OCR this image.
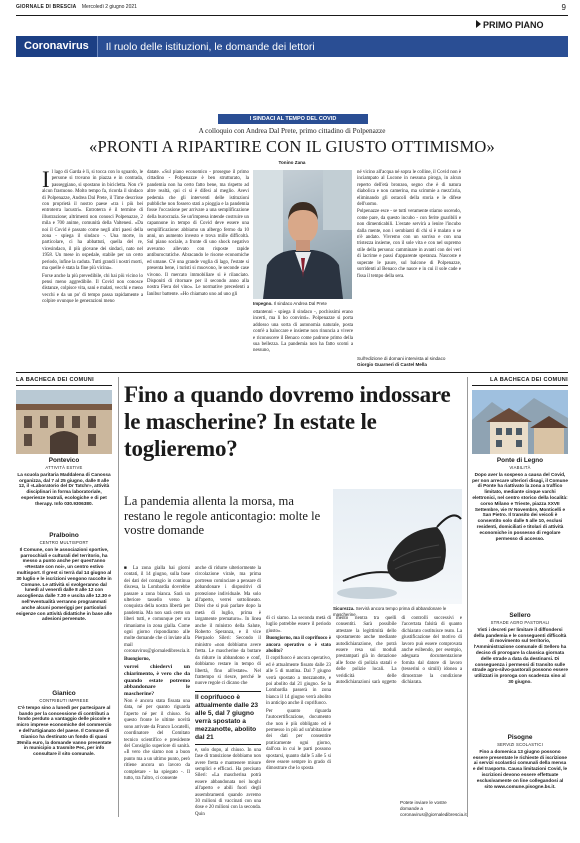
GIORNALE DI BRESCIA Mercoledì 2 giugno 2021	9
PRIMO PIANO
Coronavirus	Il ruolo delle istituzioni, le domande dei lettori
I SINDACI AL TEMPO DEL COVID
A colloquio con Andrea Dal Prete, primo cittadino di Polpenazze
«PRONTI A RIPARTIRE CON IL GIUSTO OTTIMISMO»
Tonino Zana
I l lago di Garda è lì, si tocca con lo sguardo, le persone si trovano in piazza e in contrada, passeggiano, si spostano in bicicletta. Non c'è alcun frastuono. Molto tempo fa, ricorda il sindaco di Polpenazze, Andrea Dal Prete, il Time descrisse con proprietà il nostro paese «tra i più bei entroterra lacustri». Entroterra è il termine di illustrazione; altrimenti non conosci Polpenazze, 2 mila e 700 anime, comunità della Valtenesi. «Da noi il Covid è passato come negli altri paesi della zona - spiega il sindaco -. Una morte, in particolare, ci ha abbattuti, quella del re, vicesindaco, il più giovane dei sindaci, nato nel 1958. Un mese in ospedale, stabile per un certo periodo, infine la caduta. Tutti grandi i nostri morti, ma quelle è stata la fine più vicina».

Forse anche la più prevedibile, chi hai più vicino lo pensi meno aggredibile. Il Covid non conosce distanze, colpisce vita, sani e malati, vecchi e meno vecchi e da un po' di tempo passa rapidamente a colpire ovunque le generazioni meno

datate. «Sul piano economico - prosegue il primo cittadino - Polpenazze è ben strutturato, la pandemia non ha certo fatto bene, ma rispetto ad altre realtà, qui ci si è difesi al meglio. Avevi pedemia che gli interventi delle istituzioni pubbliche non fossero stati a pioggia e la pandemia fosse l'occasione per arrivare a una semplificazione della burocrazia. Se un'impresa intende costruire un capannone in tempo di Covid deve essere una semplificazione: abbiamo un albergo fermo da 10 anni, un aumento investo e trova mille difficoltà. Sul piano sociale, a fronte di uno shock negativo avevamo allevato con risposte rapide antiburocratiche. Abracando le risorse economiche ed umane. C'è una grande voglia di lago, l'estate si presenta bene, i turisti si muovono, le seconde case vivono. Il mercato immobiliare si è rilanciato. Disponiti di ritornare per il secondo anno alla nostra Fiera del vino». Le normative precedenti a Ianibur battente. «Ho chiamato uno ad uno gli

Impegno. Il sindaco Andrea Dal Prete

ottantenni - spiega il sindaco -, pochissimi erano incerti, ma li ho convinti». Polpenazze si porta addosso una sorta di autonomia naturale, posta com'è a baloccare e insieme non rinuncia a vivere e riconoscere il Benaco come padrone primo della sua bellezza. La pandemia non ha fatto scomi a nessuno,

né vicino all'acqua né sopra le colline, il Covid non è inciampato al Lucone in nessuna pirogа, in alcun reperto dell'età bronzea, segno che è di natura diabolica e non camerina, ma scimmie a mezz'aria, eliminando gli ostacoli della storia e le difese dell'uomo.

Polpenazze esce - se tutti veramente stiamo uscendo, come pare, da questo incubo - con ferite guaribili e non dimenticabili. L'estate servirà a lenire l'incubo dalla mente, non i sembianti di chi si è malato o se n'è andato. Vivremo con un sorriso e con una tristezza insieme, con il sole vita e con nel supremo stile della persona: camminare in avanti con dei veri di lacrime e passi d'apparente speranza. Nascoste e superate le paure, sul balcone di Polpenazze, sorridenti al Benaco che nasce e in cui il sole cade e fissa il tempo della sera.

Sull'edizione di domani intervista al sindaco
Giorgio Guarneri di Castel Mella
LA BACHECA DEI COMUNI
Pontevico
ATTIVITÀ ESTIVE
La scuola paritaria Maddalena di Canossa organizza, dal 7 al 25 giugno, dalle 8 alle 12, il «Laboratorio del Dr Tatchr», attività disciplinari in forma laboratoriale, esperienze teatrali, ecologiche e di pet therapy. Info 030.9306380.
Pralboino
CENTRO MULTISPORT
Il Comune, con le associazioni sportive, parrocchiali e culturali del territorio, ha messo a punto anche per quest'anno «Restate con noi», un centro estivo multisport. Il grest si terrà dal 14 giugno al 30 luglio e le iscrizioni vengono raccolte in Comune. Le attività si svolgeranno dal lunedì al venerdì dalle 8 alle 12 con accoglienza dalle 7.30 e uscita alle 12.30 e nell'eventualità verranno programmati anche alcuni pomeriggi per particolari esigenze con attività didattiche in base alle adesioni pervenute.
Gianico
CONTRIBUTI IMPRESE
C'è tempo sino a lunedì per partecipare al bando per la concessione di contributi a fondo perduto a vantaggio delle piccole e micro imprese economiche del commercio e dell'artigianato del paese. Il Comune di Gianico ha destinato un fondo di quasi 39mila euro, la domande vanno presentate in municipio a trasmite Pec, per info consultare il sito comunale.
LA BACHECA DEI COMUNI
Ponte di Legno
VIABILITÀ
Dopo aver la sospeso a causa del Covid, per non arrecare ulteriori disagi, il Comune di Ponte ha riattivato la zona a traffico limitato, mediante cinque varchi elettronici, nel centro storico della località: corso Milano e Trieste, piazza XXVII Settembre, vie IV Novembre, Monticelli e San Pietro. Il transito dei veicoli è consentito solo dalle 5 alle 10, esclusi residenti, domiciliati e titolari di attività economiche in possesso di regolare permesso di accesso.
Sellero
STRADE AGRO PASTORALI
Visti i decreti per limitare il diffondersi della pandemia e le conseguenti difficoltà di movimento sul territorio, l'Amministrazione comunale di Sellero ha deciso di prorogare la classica giornata delle strade a data da destinarsi. Di conseguenza i permessi di transito sulle strade agro-silvo-pastorali possono essere utilizzati in proroga con scadenza sino al 30 giugno.
Pisogne
SERVIZI SCOLASTICI
Fino a domenica 13 giugno possono essere presentate le richieste di iscrizione ai servizi scolastici comunali della mensa e del trasporto. Causa limitazioni Covid, le iscrizioni devono essere effettuate esclusivamente on line collegandosi al sito www.comune.pisogne.bs.it.
Fino a quando dovremo indossare le mascherine? In estate le toglieremo?
La pandemia allenta la morsa, ma restano le regole anticontagio: molte le vostre domande
Sicurezza. Servirà ancora tempo prima di abbandonare le mascherine

■ La zona gialla hai giorni contati, il 14 giugno, sulla base dei dati del contagio in continua discesa, la Lombardia dovrebbe passare a zona bianca. Sarà un ulteriore tassello verso la conquista della nostra libertà per pandemia. Ma non sarà certo un liberi tutti, e comunque per ora rimaniamo in zona gialla. Come ogni giorno rispondiamo alle molte domande che ci inviate alla mail coronavirus@giornaledibrescia.it.

Buongiorno,

vorrei chiedervi un chiarimento, è vero che da quando estate potremo abbandonare le mascherine?

Non è ancora stata fissata una data, né per quanto riguarda l'aperto né per il chiuso. Su questo fronte le ultime novità sono arrivate da Franco Locatelli, coordinatore del Comitato tecnico scientifico e presidente del Consiglio superiore di sanità. «Il vero che siamo non a buon punto ma a un ultimo punto, però ritiene ancora un lavoro da completare - ha spiegato -. Il tutto, tra l'altro, ci consente

anche di ridurre ulteriormente la circolazione virale, ma prima portrемо cominciare a pensare di abbandonare i dispositivi di protezione individuale. Ma solo all'aperto, verrei sottolineato. Direi che si può parlare dopo la metà di luglio, prima è largamente prematuro». In linea anche il ministro della Salute, Roberto Speranza, e il vice Pierpaolo Sileri: Secondo il ministro «non dobbiamo avere fretta. Le mascherine da buttare da ridurre in abbandono e conf, dobbiamo restare in tempo di libertà, fino all'estate». Nel frattempo si riesce, perché le nuove regole ci dicano che

Il coprifuoco è attualmente dalle 23 alle 5, dal 7 giugno verrà spostato a mezzanotte, abolito dal 21

e, solo dopo, al chiuso. In una fase di transizione dobbiamo non avere fretta e mantenere misure semplici e efficaci. Ha precisato Sileri: «La mascherina potrà essere abbandonata nei luoghi all'aperto e abili fuori degli assembramenti quando avremo 30 milioni di vaccinati con una dose e 20 milioni con la seconda. Quin

di ci siamo. La seconda metà di luglio potrebbe essere il periodo giusto».

Buongiorno, ma il coprifuoco è ancora operativo o è stato abolito?

Il coprifuoco è ancora operativo, ed è attualmente fissato dalle 23 alle 5 di mattina. Dal 7 giugno verrà spostato a mezzanotte, e poi abolito dal 21 giugno. Se la Lombardia passerà in zona bianca il 14 giugno verrà abolito in anticipo anche il coprifuoco.

Per quanto riguarda l'autocertificazione, documento che non è più obbligato ed è permesso in più ad un'abitazione dei dati per consentire praticamente ogni giorno, dall'ora in cui le parti possono spostarsi, quanto dalle 5 alle 5 si deve essere sempre in grado di dimostrare che lo sposta

mento rientra tra quelli consentiti. Sarà possibile attestare la legittimità dello spostamento anche mediante autodichiarazione, che potrà essere resa sui moduli prestampati già in dotazione alle forze di polizia statali e delle polizie locali. La veridicità delle autodichiarazioni sarà oggetto di controlli successivi e l'accertata falsità di quanto dichiarato costituisce reato. La giustificazione del motivo di lavoro può essere comprovata anche esibendo, per esempio, adeguata documentazione fornita dal datore di lavoro (tesserini o simili) idonea a dimostrare la condizione dichiarata.

Potete inviare le vostre domande a coronavirus@giornaledibrescia.it
